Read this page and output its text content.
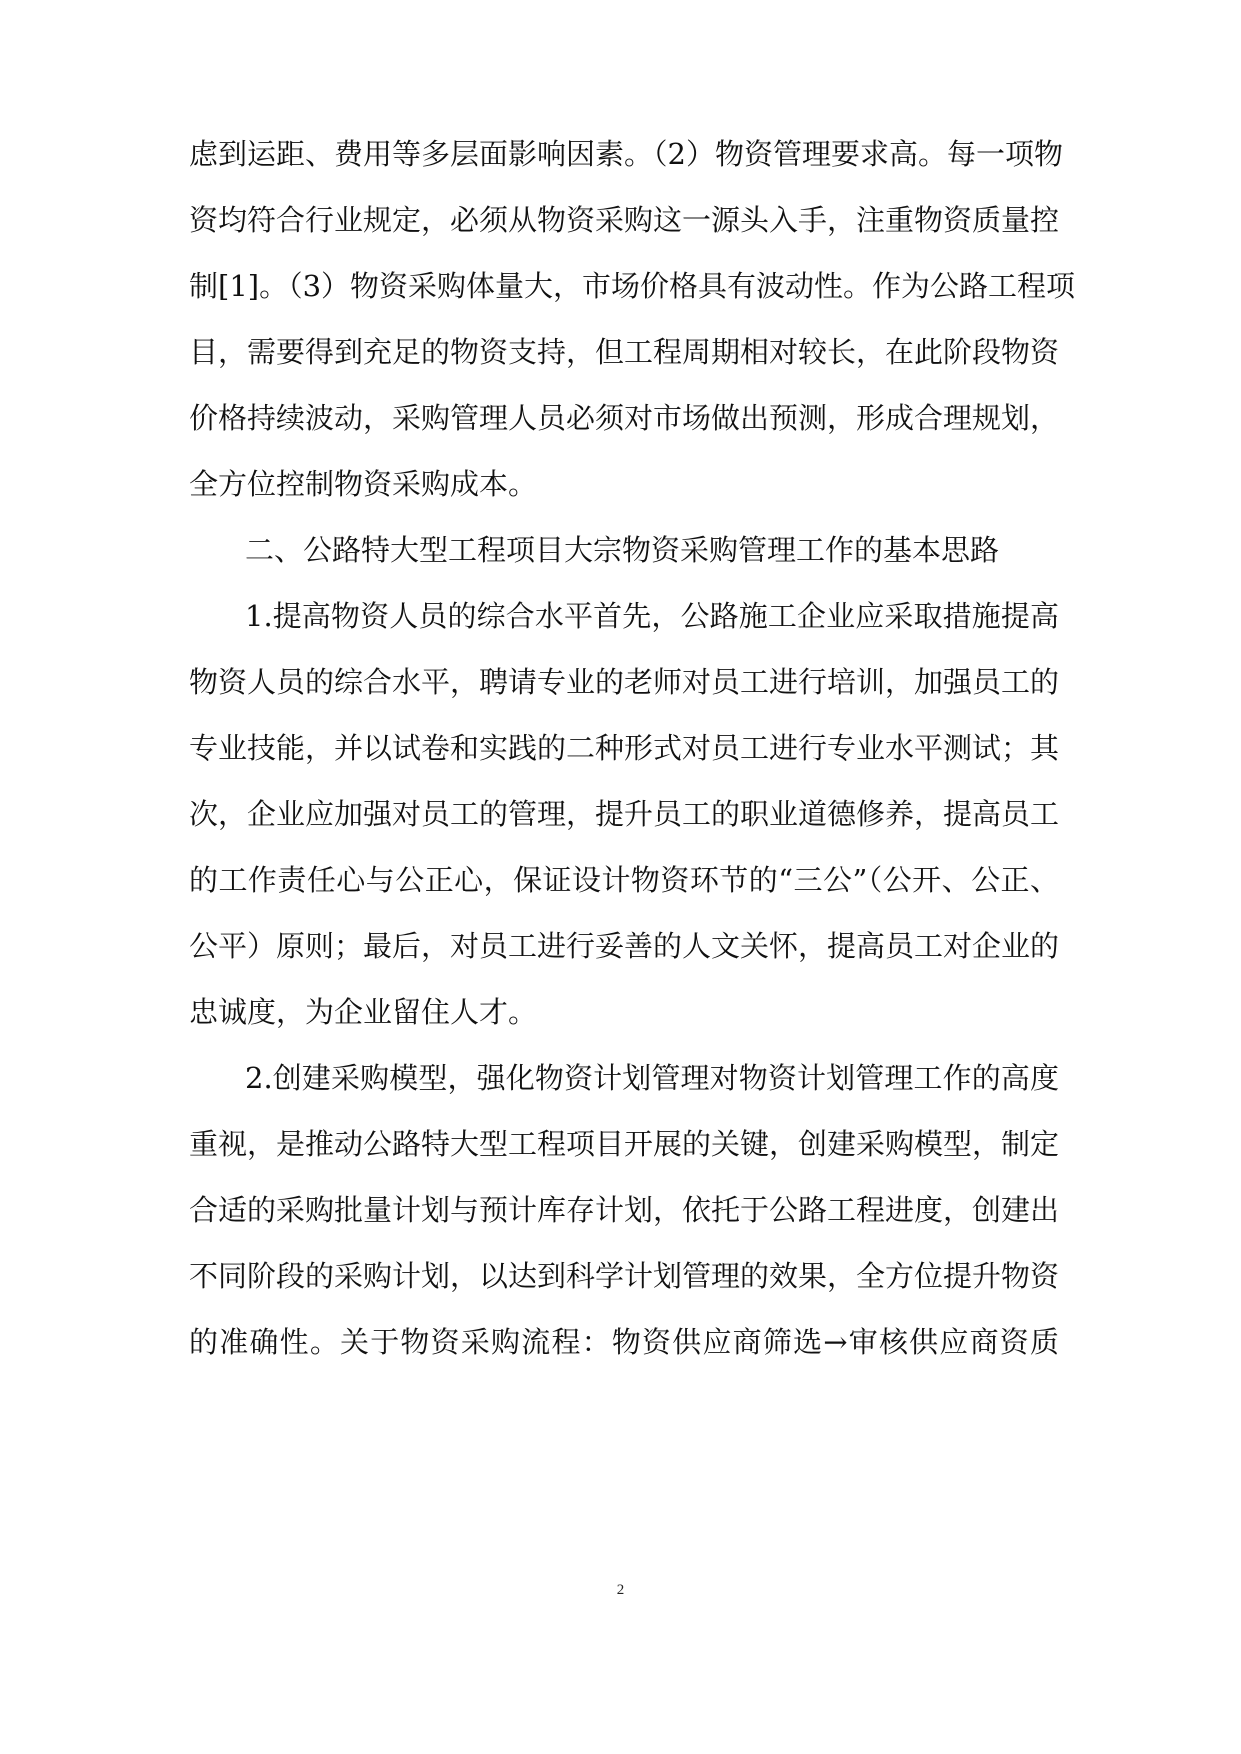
虑到运距、费用等多层面影响因素。（2）物资管理要求高。每一项物
资均符合行业规定，必须从物资采购这一源头入手，注重物资质量控
制[1]。（3）物资采购体量大，市场价格具有波动性。作为公路工程项
目，需要得到充足的物资支持，但工程周期相对较长，在此阶段物资
价格持续波动，采购管理人员必须对市场做出预测，形成合理规划，
全方位控制物资采购成本。
二、公路特大型工程项目大宗物资采购管理工作的基本思路
1.提高物资人员的综合水平首先，公路施工企业应采取措施提高
物资人员的综合水平，聘请专业的老师对员工进行培训，加强员工的
专业技能，并以试卷和实践的二种形式对员工进行专业水平测试；其
次，企业应加强对员工的管理，提升员工的职业道德修养，提高员工
的工作责任心与公正心，保证设计物资环节的“三公”（公开、公正、
公平）原则；最后，对员工进行妥善的人文关怀，提高员工对企业的
忠诚度，为企业留住人才。
2.创建采购模型，强化物资计划管理对物资计划管理工作的高度
重视，是推动公路特大型工程项目开展的关键，创建采购模型，制定
合适的采购批量计划与预计库存计划，依托于公路工程进度，创建出
不同阶段的采购计划，以达到科学计划管理的效果，全方位提升物资
的准确性。关于物资采购流程：物资供应商筛选→审核供应商资质
2
